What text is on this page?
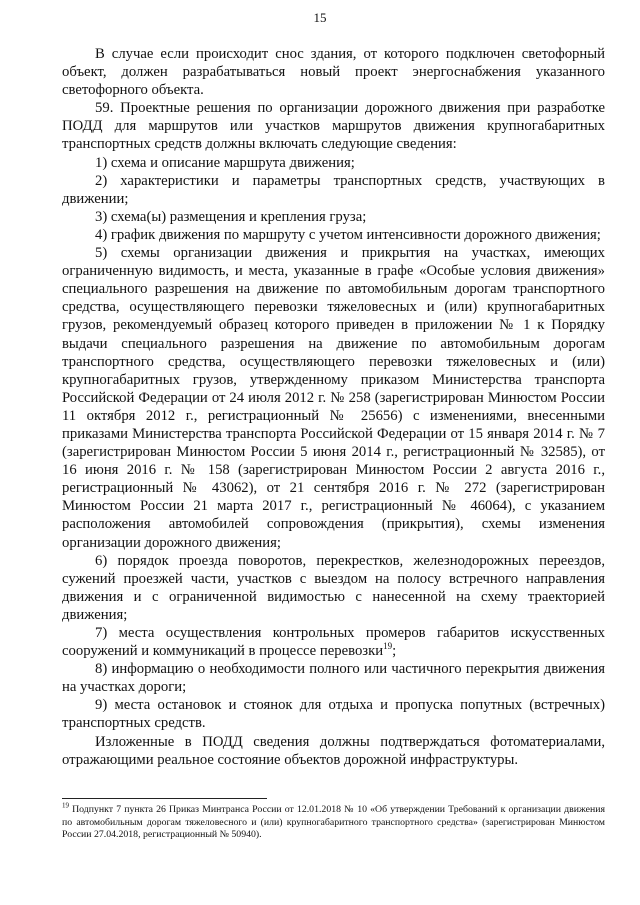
15

В случае если происходит снос здания, от которого подключен светофорный объект, должен разрабатываться новый проект энергоснабжения указанного светофорного объекта.

59. Проектные решения по организации дорожного движения при разработке ПОДД для маршрутов или участков маршрутов движения крупногабаритных транспортных средств должны включать следующие сведения:

1) схема и описание маршрута движения;

2) характеристики и параметры транспортных средств, участвующих в движении;

3) схема(ы) размещения и крепления груза;

4) график движения по маршруту с учетом интенсивности дорожного движения;

5) схемы организации движения и прикрытия на участках, имеющих ограниченную видимость, и места, указанные в графе «Особые условия движения» специального разрешения на движение по автомобильным дорогам транспортного средства, осуществляющего перевозки тяжеловесных и (или) крупногабаритных грузов, рекомендуемый образец которого приведен в приложении № 1 к Порядку выдачи специального разрешения на движение по автомобильным дорогам транспортного средства, осуществляющего перевозки тяжеловесных и (или) крупногабаритных грузов, утвержденному приказом Министерства транспорта Российской Федерации от 24 июля 2012 г. № 258 (зарегистрирован Минюстом России 11 октября 2012 г., регистрационный № 25656) с изменениями, внесенными приказами Министерства транспорта Российской Федерации от 15 января 2014 г. № 7 (зарегистрирован Минюстом России 5 июня 2014 г., регистрационный № 32585), от 16 июня 2016 г. № 158 (зарегистрирован Минюстом России 2 августа 2016 г., регистрационный № 43062), от 21 сентября 2016 г. № 272 (зарегистрирован Минюстом России 21 марта 2017 г., регистрационный № 46064), с указанием расположения автомобилей сопровождения (прикрытия), схемы изменения организации дорожного движения;

6) порядок проезда поворотов, перекрестков, железнодорожных переездов, сужений проезжей части, участков с выездом на полосу встречного направления движения и с ограниченной видимостью с нанесенной на схему траекторией движения;

7) места осуществления контрольных промеров габаритов искусственных сооружений и коммуникаций в процессе перевозки$^{19}$;

8) информацию о необходимости полного или частичного перекрытия движения на участках дороги;

9) места остановок и стоянок для отдыха и пропуска попутных (встречных) транспортных средств.

Изложенные в ПОДД сведения должны подтверждаться фотоматериалами, отражающими реальное состояние объектов дорожной инфраструктуры.

$^{19}$ Подпункт 7 пункта 26 Приказ Минтранса России от 12.01.2018 № 10 «Об утверждении Требований к организации движения по автомобильным дорогам тяжеловесного и (или) крупногабаритного транспортного средства» (зарегистрирован Минюстом России 27.04.2018, регистрационный № 50940).
